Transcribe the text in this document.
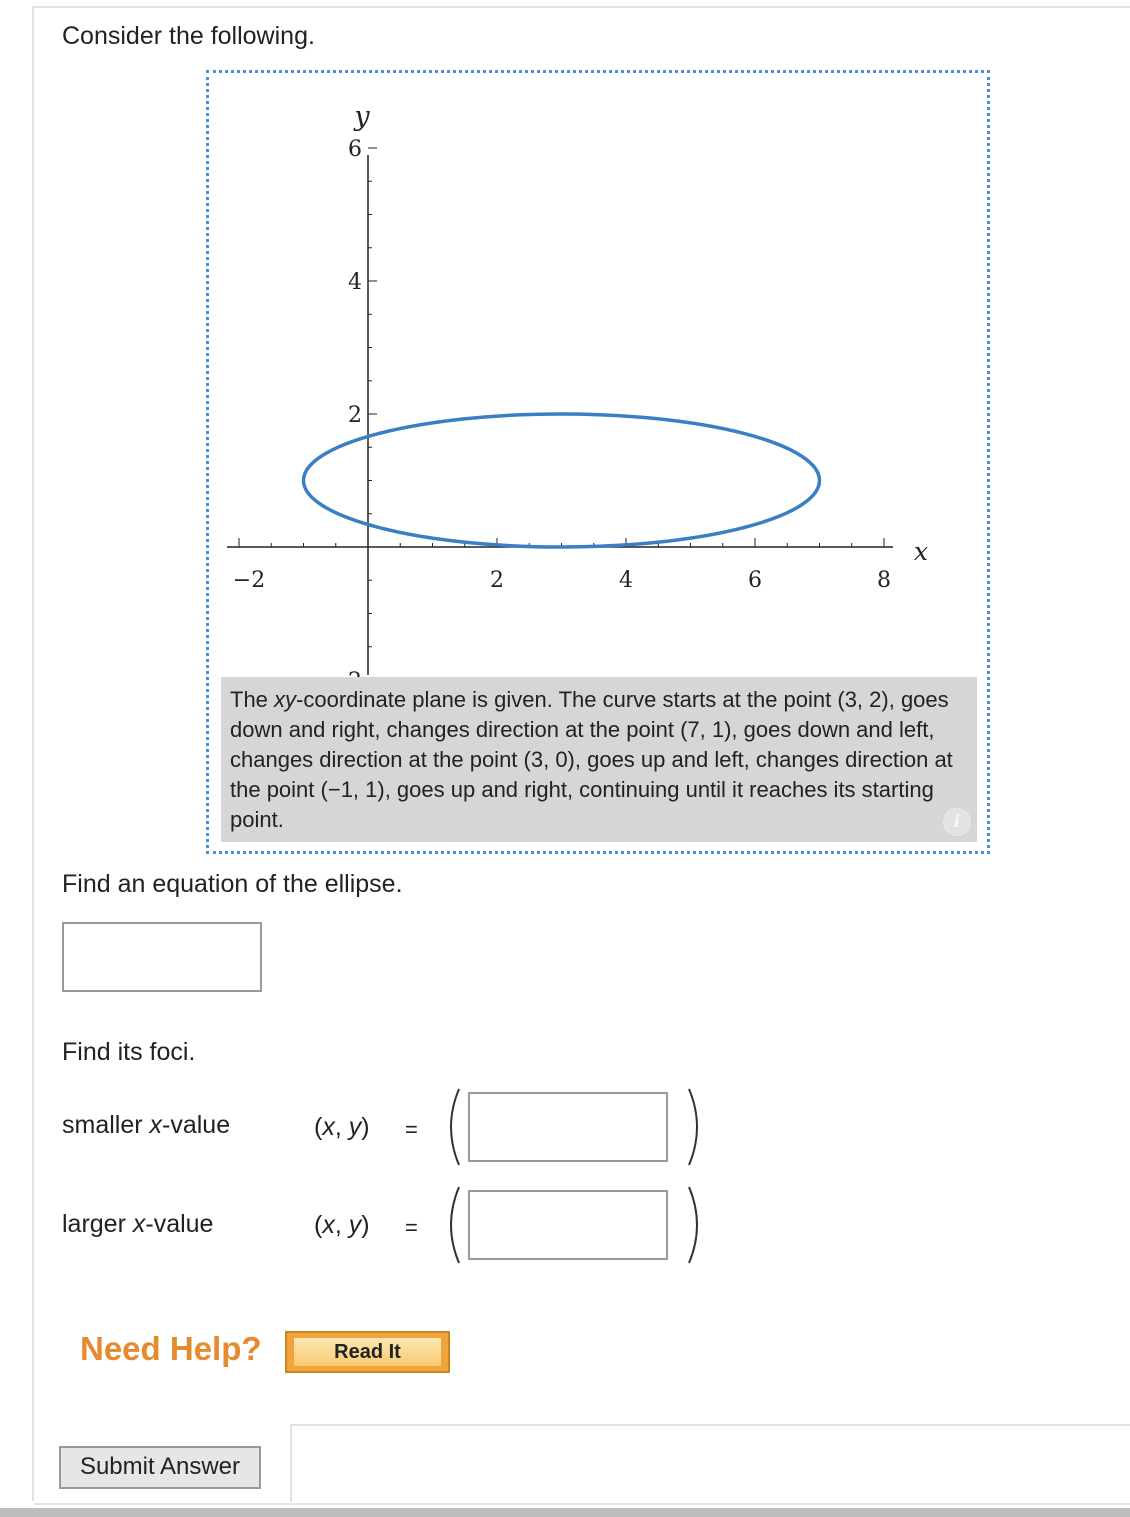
Consider the following.
−2	2	4	6	8
6
4
2
x
y
The xy-coordinate plane is given. The curve starts at the point (3, 2), goes down and right, changes direction at the point (7, 1), goes down and left, changes direction at the point (3, 0), goes up and left, changes direction at the point (−1, 1), goes up and right, continuing until it reaches its starting point.	i
Find an equation of the ellipse.
Find its foci.
smaller x-value	(x, y) =
larger x-value	(x, y) =
Need Help?	Read It
Submit Answer
